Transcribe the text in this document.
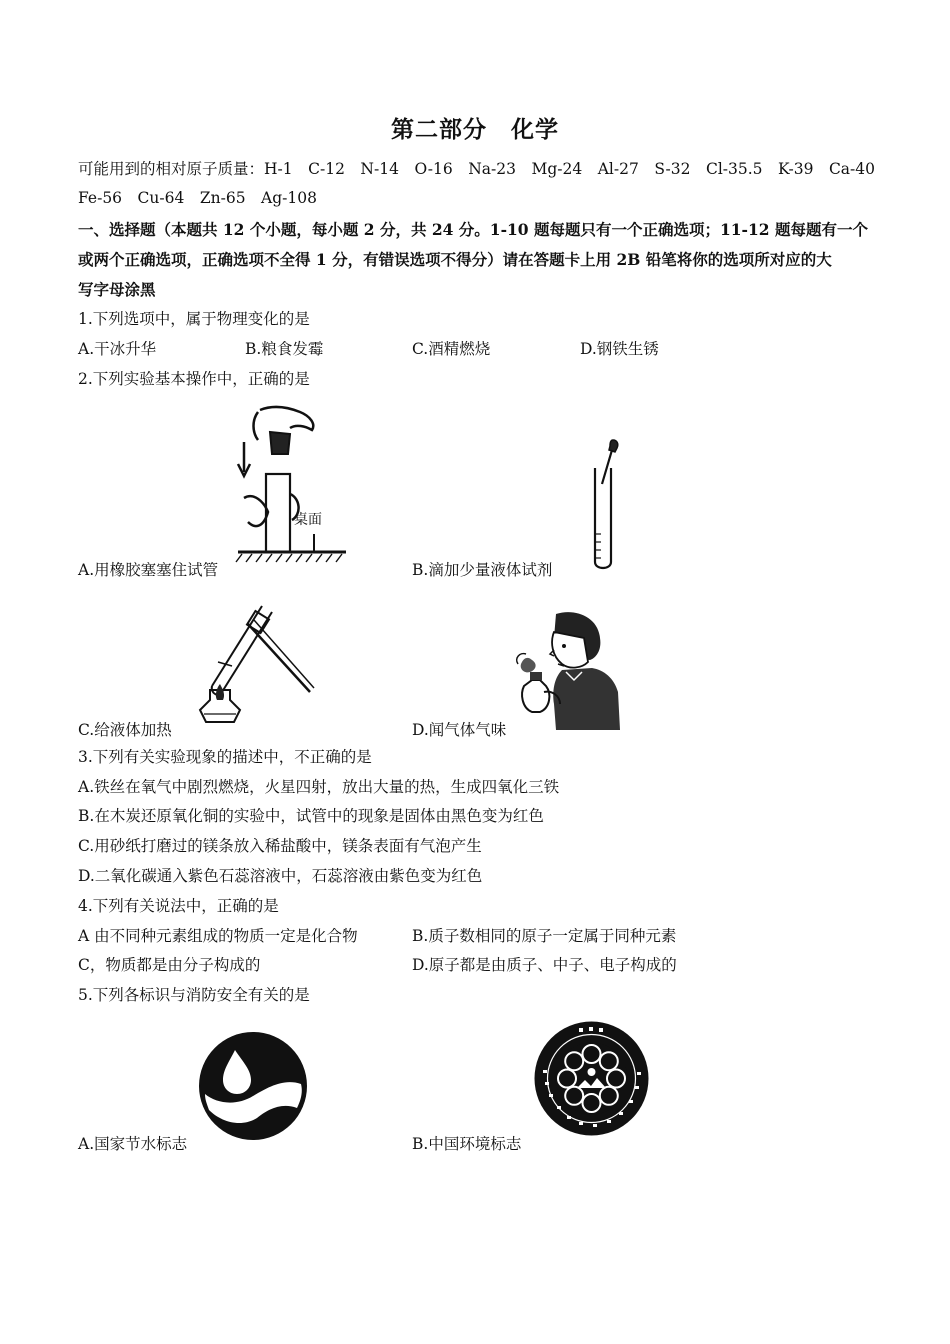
第二部分　化学
可能用到的相对原子质量：H-1　C-12　N-14　O-16　Na-23　Mg-24　Al-27　S-32　Cl-35.5　K-39　Ca-40
Fe-56　Cu-64　Zn-65　Ag-108
一、选择题（本题共 12 个小题，每小题 2 分，共 24 分。1-10 题每题只有一个正确选项；11-12 题每题有一个
或两个正确选项，正确选项不全得 1 分，有错误选项不得分）请在答题卡上用 2B 铅笔将你的选项所对应的大
写字母涂黑
1.下列选项中，属于物理变化的是
A.干冰升华	B.粮食发霉	C.酒精燃烧	D.钢铁生锈
2.下列实验基本操作中，正确的是
桌面
A.用橡胶塞塞住试管	B.滴加少量液体试剂
C.给液体加热	D.闻气体气味
3.下列有关实验现象的描述中，不正确的是
A.铁丝在氧气中剧烈燃烧，火星四射，放出大量的热，生成四氧化三铁
B.在木炭还原氧化铜的实验中，试管中的现象是固体由黑色变为红色
C.用砂纸打磨过的镁条放入稀盐酸中，镁条表面有气泡产生
D.二氧化碳通入紫色石蕊溶液中，石蕊溶液由紫色变为红色
4.下列有关说法中，正确的是
A 由不同种元素组成的物质一定是化合物	B.质子数相同的原子一定属于同种元素
C，物质都是由分子构成的	D.原子都是由质子、中子、电子构成的
5.下列各标识与消防安全有关的是
A.国家节水标志	B.中国环境标志
